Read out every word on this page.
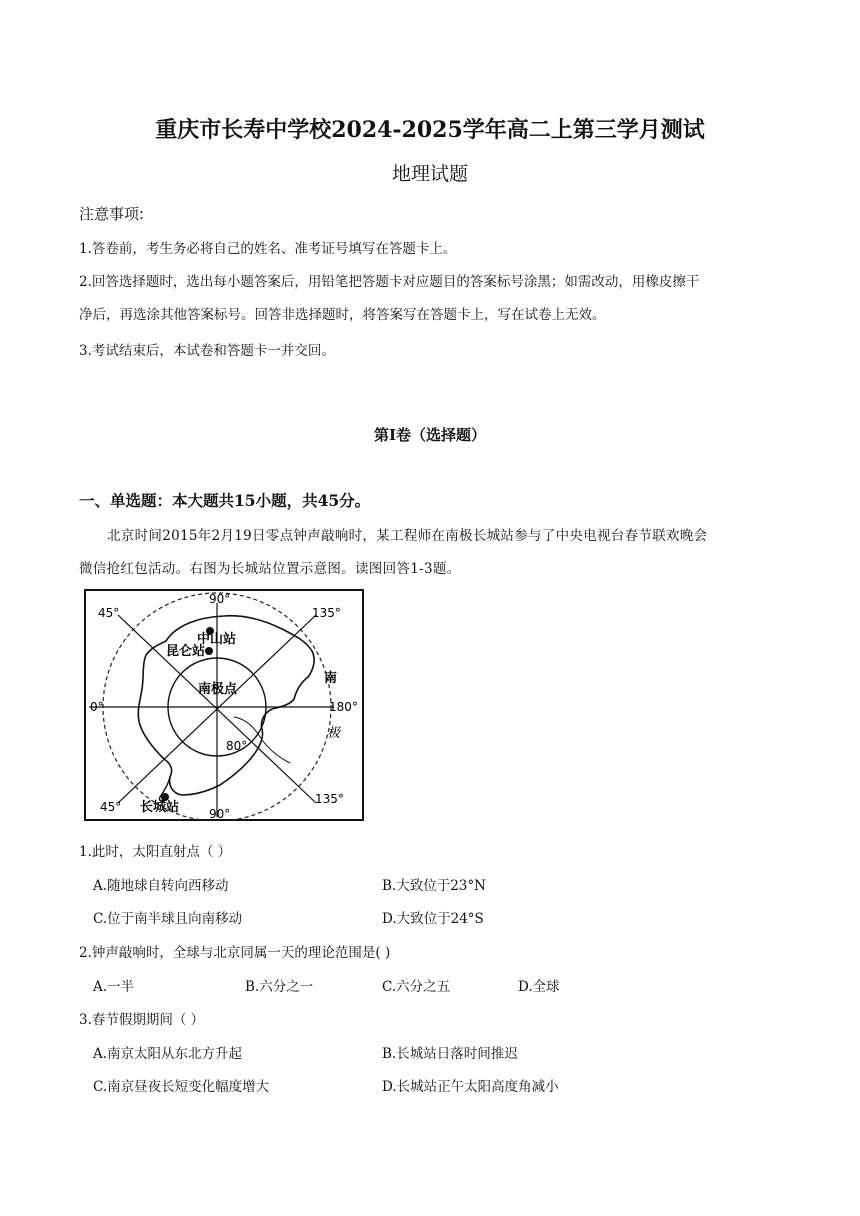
重庆市长寿中学校2024-2025学年高二上第三学月测试
地理试题
注意事项:
1.答卷前，考生务必将自己的姓名、准考证号填写在答题卡上。
2.回答选择题时，选出每小题答案后，用铅笔把答题卡对应题目的答案标号涂黑；如需改动，用橡皮擦干
净后，再选涂其他答案标号。回答非选择题时，将答案写在答题卡上，写在试卷上无效。
3.考试结束后，本试卷和答题卡一并交回。
第I卷（选择题）
一、单选题：本大题共15小题，共45分。
北京时间2015年2月19日零点钟声敲响时，某工程师在南极长城站参与了中央电视台春节联欢晚会
微信抢红包活动。右图为长城站位置示意图。读图回答1-3题。
90°
45°	135°
0°	180°
45°
135°
90°
80°
中山站
昆仑站
南极点
长城站
南
极
1.此时，太阳直射点（ ）
A.随地球自转向西移动	B.大致位于23°N
C.位于南半球且向南移动	D.大致位于24°S
2.钟声敲响时，全球与北京同属一天的理论范围是( )
A.一半	B.六分之一	C.六分之五	D.全球
3.春节假期期间（ ）
A.南京太阳从东北方升起	B.长城站日落时间推迟
C.南京昼夜长短变化幅度增大	D.长城站正午太阳高度角减小
